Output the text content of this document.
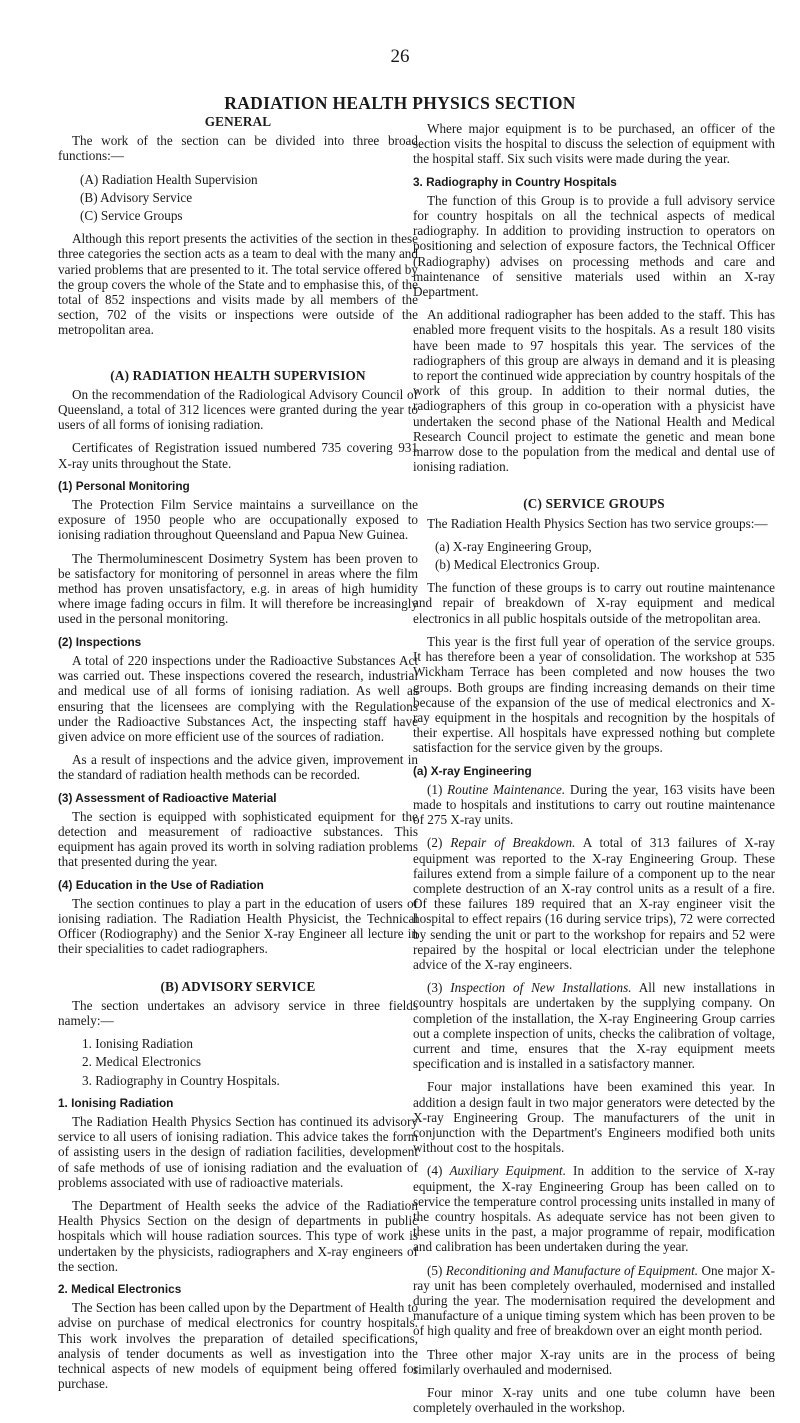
26
RADIATION HEALTH PHYSICS SECTION
GENERAL

The work of the section can be divided into three broad functions:—

(A) Radiation Health Supervision
(B) Advisory Service
(C) Service Groups

Although this report presents the activities of the section in these three categories the section acts as a team to deal with the many and varied problems that are presented to it. The total service offered by the group covers the whole of the State and to emphasise this, of the total of 852 inspections and visits made by all members of the section, 702 of the visits or inspections were outside of the metropolitan area.

(A) RADIATION HEALTH SUPERVISION

On the recommendation of the Radiological Advisory Council of Queensland, a total of 312 licences were granted during the year to users of all forms of ionising radiation.

Certificates of Registration issued numbered 735 covering 931 X-ray units throughout the State.

(1) Personal Monitoring

The Protection Film Service maintains a surveillance on the exposure of 1950 people who are occupationally exposed to ionising radiation throughout Queensland and Papua New Guinea.

The Thermoluminescent Dosimetry System has been proven to be satisfactory for monitoring of personnel in areas where the film method has proven unsatisfactory, e.g. in areas of high humidity where image fading occurs in film. It will therefore be increasingly used in the personal monitoring.

(2) Inspections

A total of 220 inspections under the Radioactive Substances Act was carried out. These inspections covered the research, industrial and medical use of all forms of ionising radiation. As well as ensuring that the licensees are complying with the Regulations under the Radioactive Substances Act, the inspecting staff have given advice on more efficient use of the sources of radiation.

As a result of inspections and the advice given, improvement in the standard of radiation health methods can be recorded.

(3) Assessment of Radioactive Material

The section is equipped with sophisticated equipment for the detection and measurement of radioactive substances. This equipment has again proved its worth in solving radiation problems that presented during the year.

(4) Education in the Use of Radiation

The section continues to play a part in the education of users of ionising radiation. The Radiation Health Physicist, the Technical Officer (Rodiography) and the Senior X-ray Engineer all lecture in their specialities to cadet radiographers.

(B) ADVISORY SERVICE

The section undertakes an advisory service in three fields namely:—

1. Ionising Radiation
2. Medical Electronics
3. Radiography in Country Hospitals.
1. Ionising Radiation

The Radiation Health Physics Section has continued its advisory service to all users of ionising radiation. This advice takes the form of assisting users in the design of radiation facilities, development of safe methods of use of ionising radiation and the evaluation of problems associated with use of radioactive materials.

The Department of Health seeks the advice of the Radiation Health Physics Section on the design of departments in public hospitals which will house radiation sources. This type of work is undertaken by the physicists, radiographers and X-ray engineers of the section.

2. Medical Electronics

The Section has been called upon by the Department of Health to advise on purchase of medical electronics for country hospitals. This work involves the preparation of detailed specifications, analysis of tender documents as well as investigation into the technical aspects of new models of equipment being offered for purchase.

Where major equipment is to be purchased, an officer of the section visits the hospital to discuss the selection of equipment with the hospital staff. Six such visits were made during the year.

3. Radiography in Country Hospitals

The function of this Group is to provide a full advisory service for country hospitals on all the technical aspects of medical radiography. In addition to providing instruction to operators on positioning and selection of exposure factors, the Technical Officer (Radiography) advises on processing methods and care and maintenance of sensitive materials used within an X-ray Department.

An additional radiographer has been added to the staff. This has enabled more frequent visits to the hospitals. As a result 180 visits have been made to 97 hospitals this year. The services of the radiographers of this group are always in demand and it is pleasing to report the continued wide appreciation by country hospitals of the work of this group. In addition to their normal duties, the radiographers of this group in co-operation with a physicist have undertaken the second phase of the National Health and Medical Research Council project to estimate the genetic and mean bone marrow dose to the population from the medical and dental use of ionising radiation.

(C) SERVICE GROUPS

The Radiation Health Physics Section has two service groups:—

(a) X-ray Engineering Group,
(b) Medical Electronics Group.

The function of these groups is to carry out routine maintenance and repair of breakdown of X-ray equipment and medical electronics in all public hospitals outside of the metropolitan area.

This year is the first full year of operation of the service groups. It has therefore been a year of consolidation. The workshop at 535 Wickham Terrace has been completed and now houses the two groups. Both groups are finding increasing demands on their time because of the expansion of the use of medical electronics and X-ray equipment in the hospitals and recognition by the hospitals of their expertise. All hospitals have expressed nothing but complete satisfaction for the service given by the groups.

(a) X-ray Engineering

(1) Routine Maintenance. During the year, 163 visits have been made to hospitals and institutions to carry out routine maintenance of 275 X-ray units.

(2) Repair of Breakdown. A total of 313 failures of X-ray equipment was reported to the X-ray Engineering Group. These failures extend from a simple failure of a component up to the near complete destruction of an X-ray control units as a result of a fire. Of these failures 189 required that an X-ray engineer visit the hospital to effect repairs (16 during service trips), 72 were corrected by sending the unit or part to the workshop for repairs and 52 were repaired by the hospital or local electrician under the telephone advice of the X-ray engineers.

(3) Inspection of New Installations. All new installations in country hospitals are undertaken by the supplying company. On completion of the installation, the X-ray Engineering Group carries out a complete inspection of units, checks the calibration of voltage, current and time, ensures that the X-ray equipment meets specification and is installed in a satisfactory manner.

Four major installations have been examined this year. In addition a design fault in two major generators were detected by the X-ray Engineering Group. The manufacturers of the unit in conjunction with the Department's Engineers modified both units without cost to the hospitals.

(4) Auxiliary Equipment. In addition to the service of X-ray equipment, the X-ray Engineering Group has been called on to service the temperature control processing units installed in many of the country hospitals. As adequate service has not been given to these units in the past, a major programme of repair, modification and calibration has been undertaken during the year.

(5) Reconditioning and Manufacture of Equipment. One major X-ray unit has been completely overhauled, modernised and installed during the year. The modernisation required the development and manufacture of a unique timing system which has been proven to be of high quality and free of breakdown over an eight month period.

Three other major X-ray units are in the process of being similarly overhauled and modernised.

Four minor X-ray units and one tube column have been completely overhauled in the workshop.
